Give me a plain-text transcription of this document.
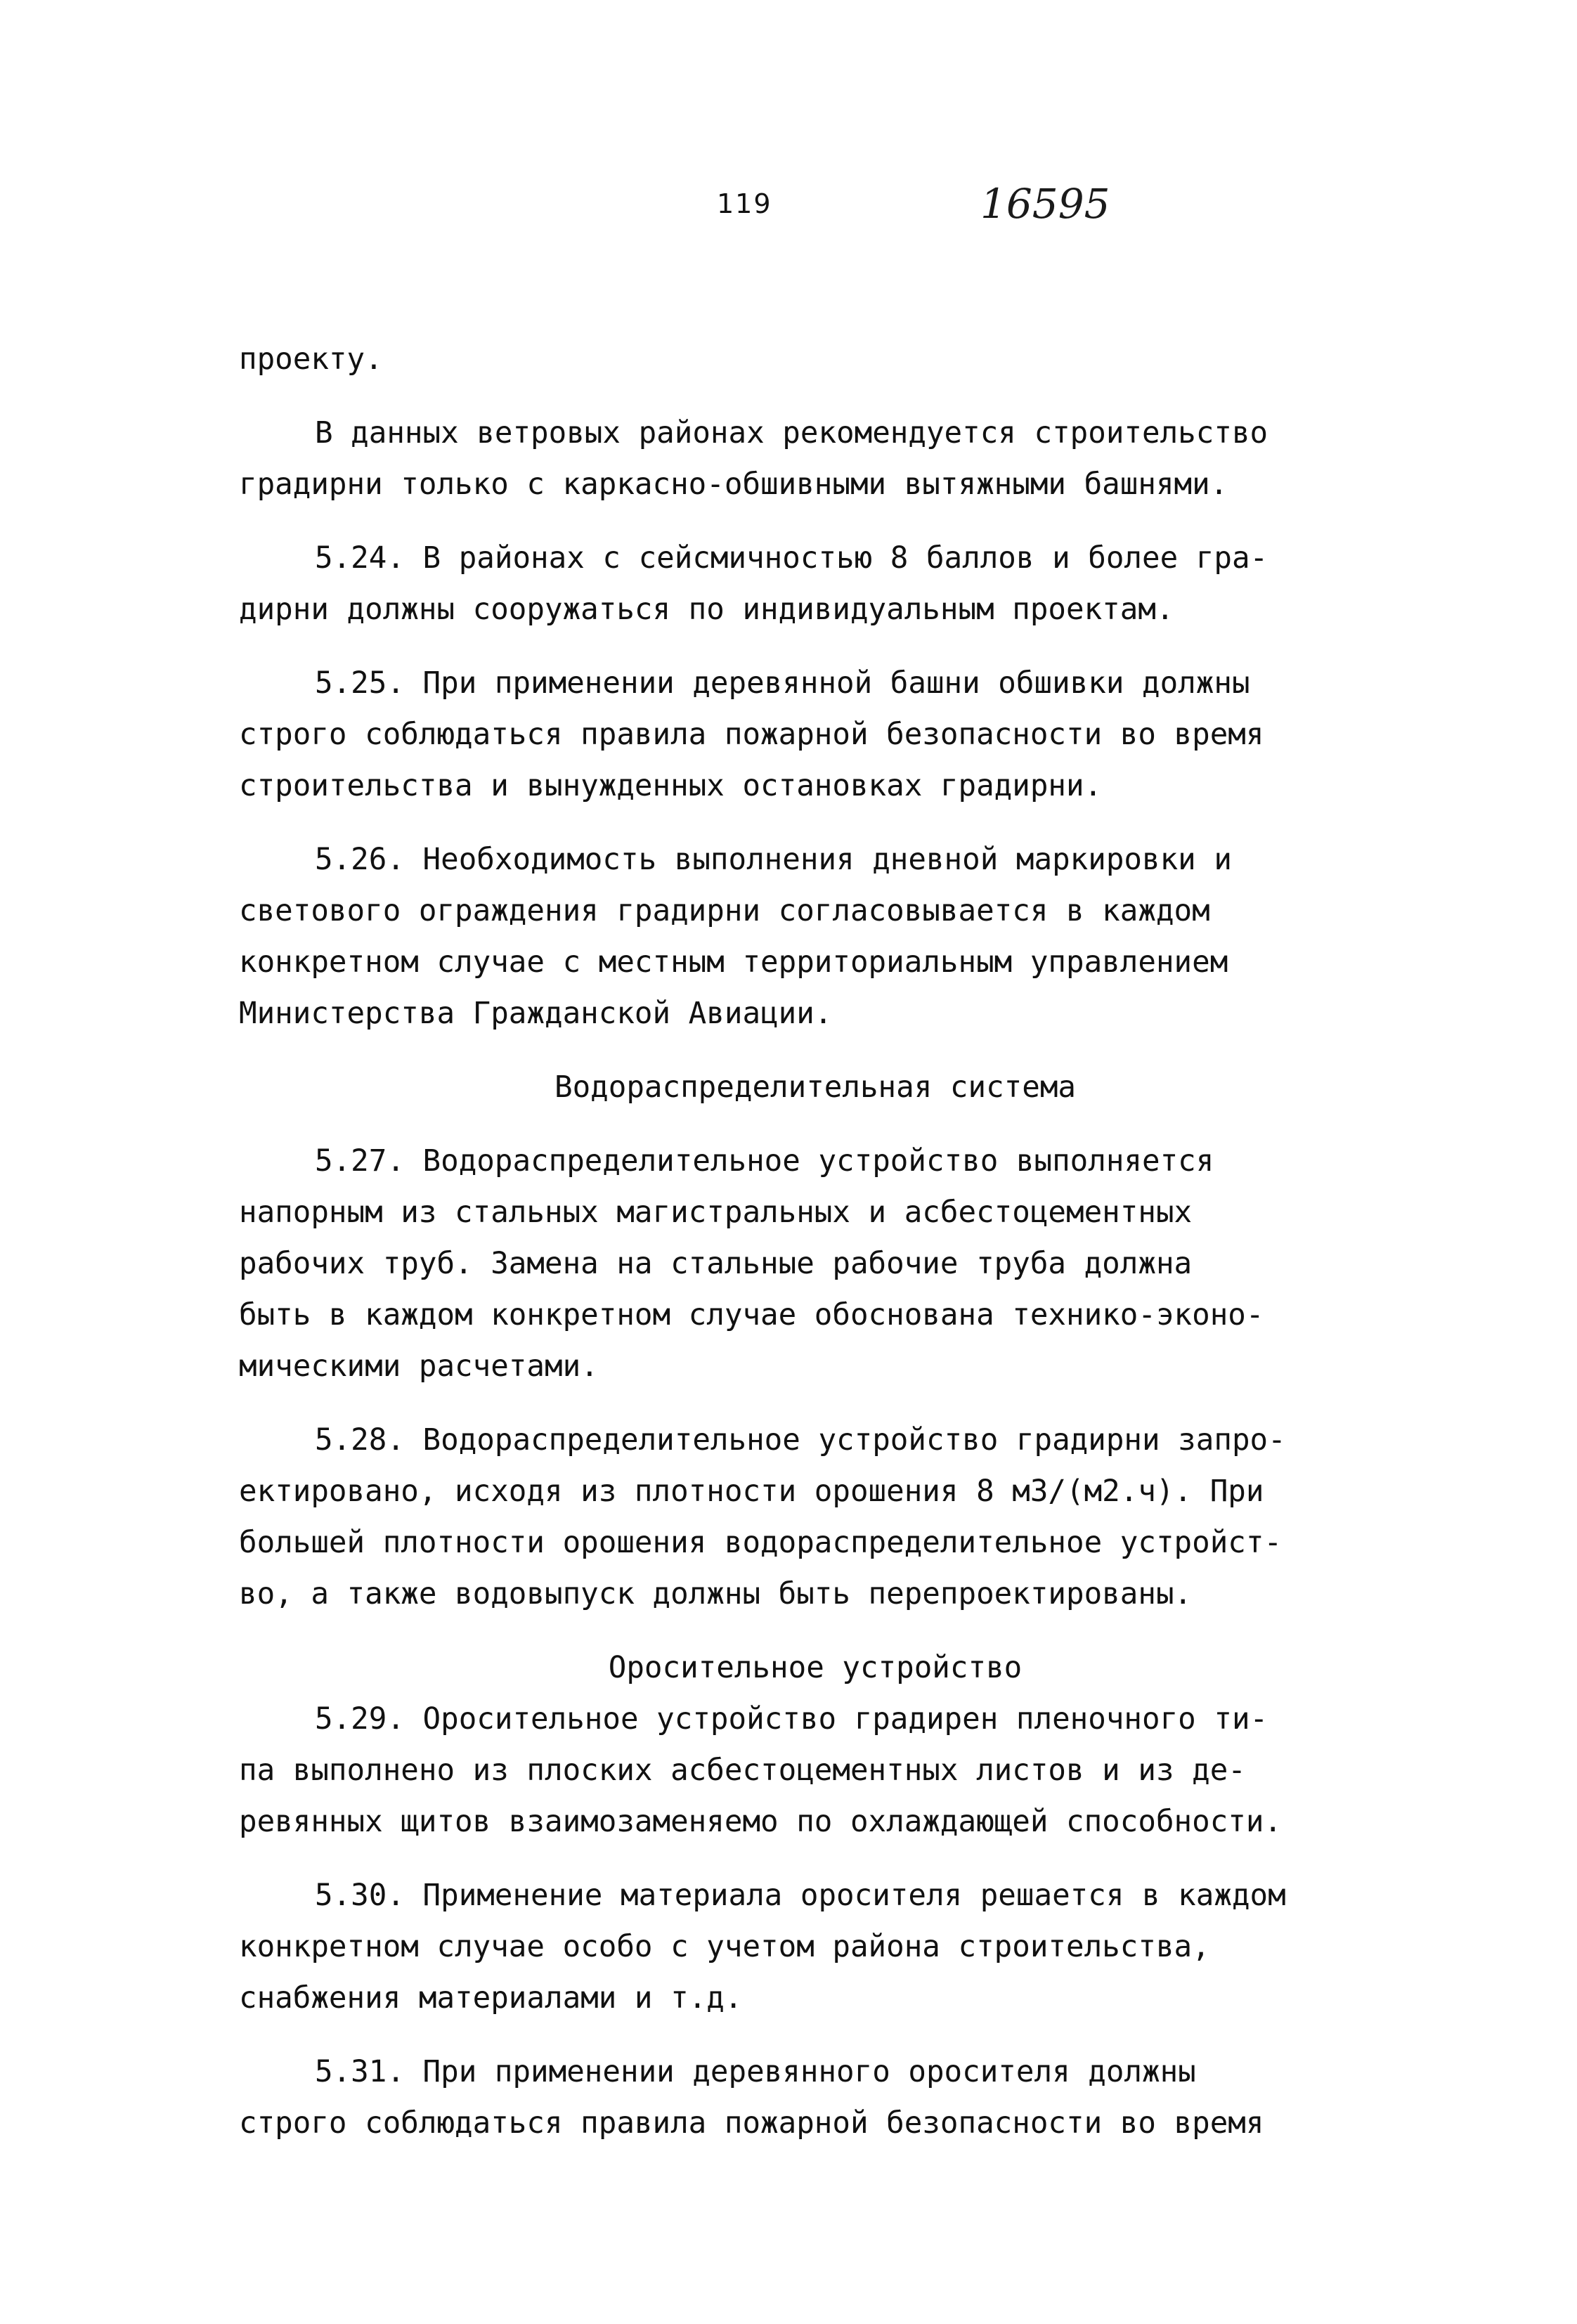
119	16595
проекту.
В данных ветровых районах рекомендуется строительство
градирни только с каркасно-обшивными вытяжными башнями.
5.24. В районах с сейсмичностью 8 баллов и более гра-
дирни должны сооружаться по индивидуальным проектам.
5.25. При применении деревянной башни обшивки должны
строго соблюдаться правила пожарной безопасности во время
строительства и вынужденных остановках градирни.
5.26. Необходимость выполнения дневной маркировки и
светового ограждения градирни согласовывается в каждом
конкретном случае с местным территориальным управлением
Министерства Гражданской Авиации.
Водораспределительная система
5.27. Водораспределительное устройство выполняется
напорным из стальных магистральных и асбестоцементных
рабочих труб. Замена на стальные рабочие труба должна
быть в каждом конкретном случае обоснована технико-эконо-
мическими расчетами.
5.28. Водораспределительное устройство градирни запро-
ектировано, исходя из плотности орошения 8 м3/(м2.ч). При
большей плотности орошения водораспределительное устройст-
во, а также водовыпуск должны быть перепроектированы.
Оросительное устройство
5.29. Оросительное устройство градирен пленочного ти-
па выполнено из плоских асбестоцементных листов и из де-
ревянных щитов взаимозаменяемо по охлаждающей способности.
5.30. Применение материала оросителя решается в каждом
конкретном случае особо с учетом района строительства,
снабжения материалами и т.д.
5.31. При применении деревянного оросителя должны
строго соблюдаться правила пожарной безопасности во время
